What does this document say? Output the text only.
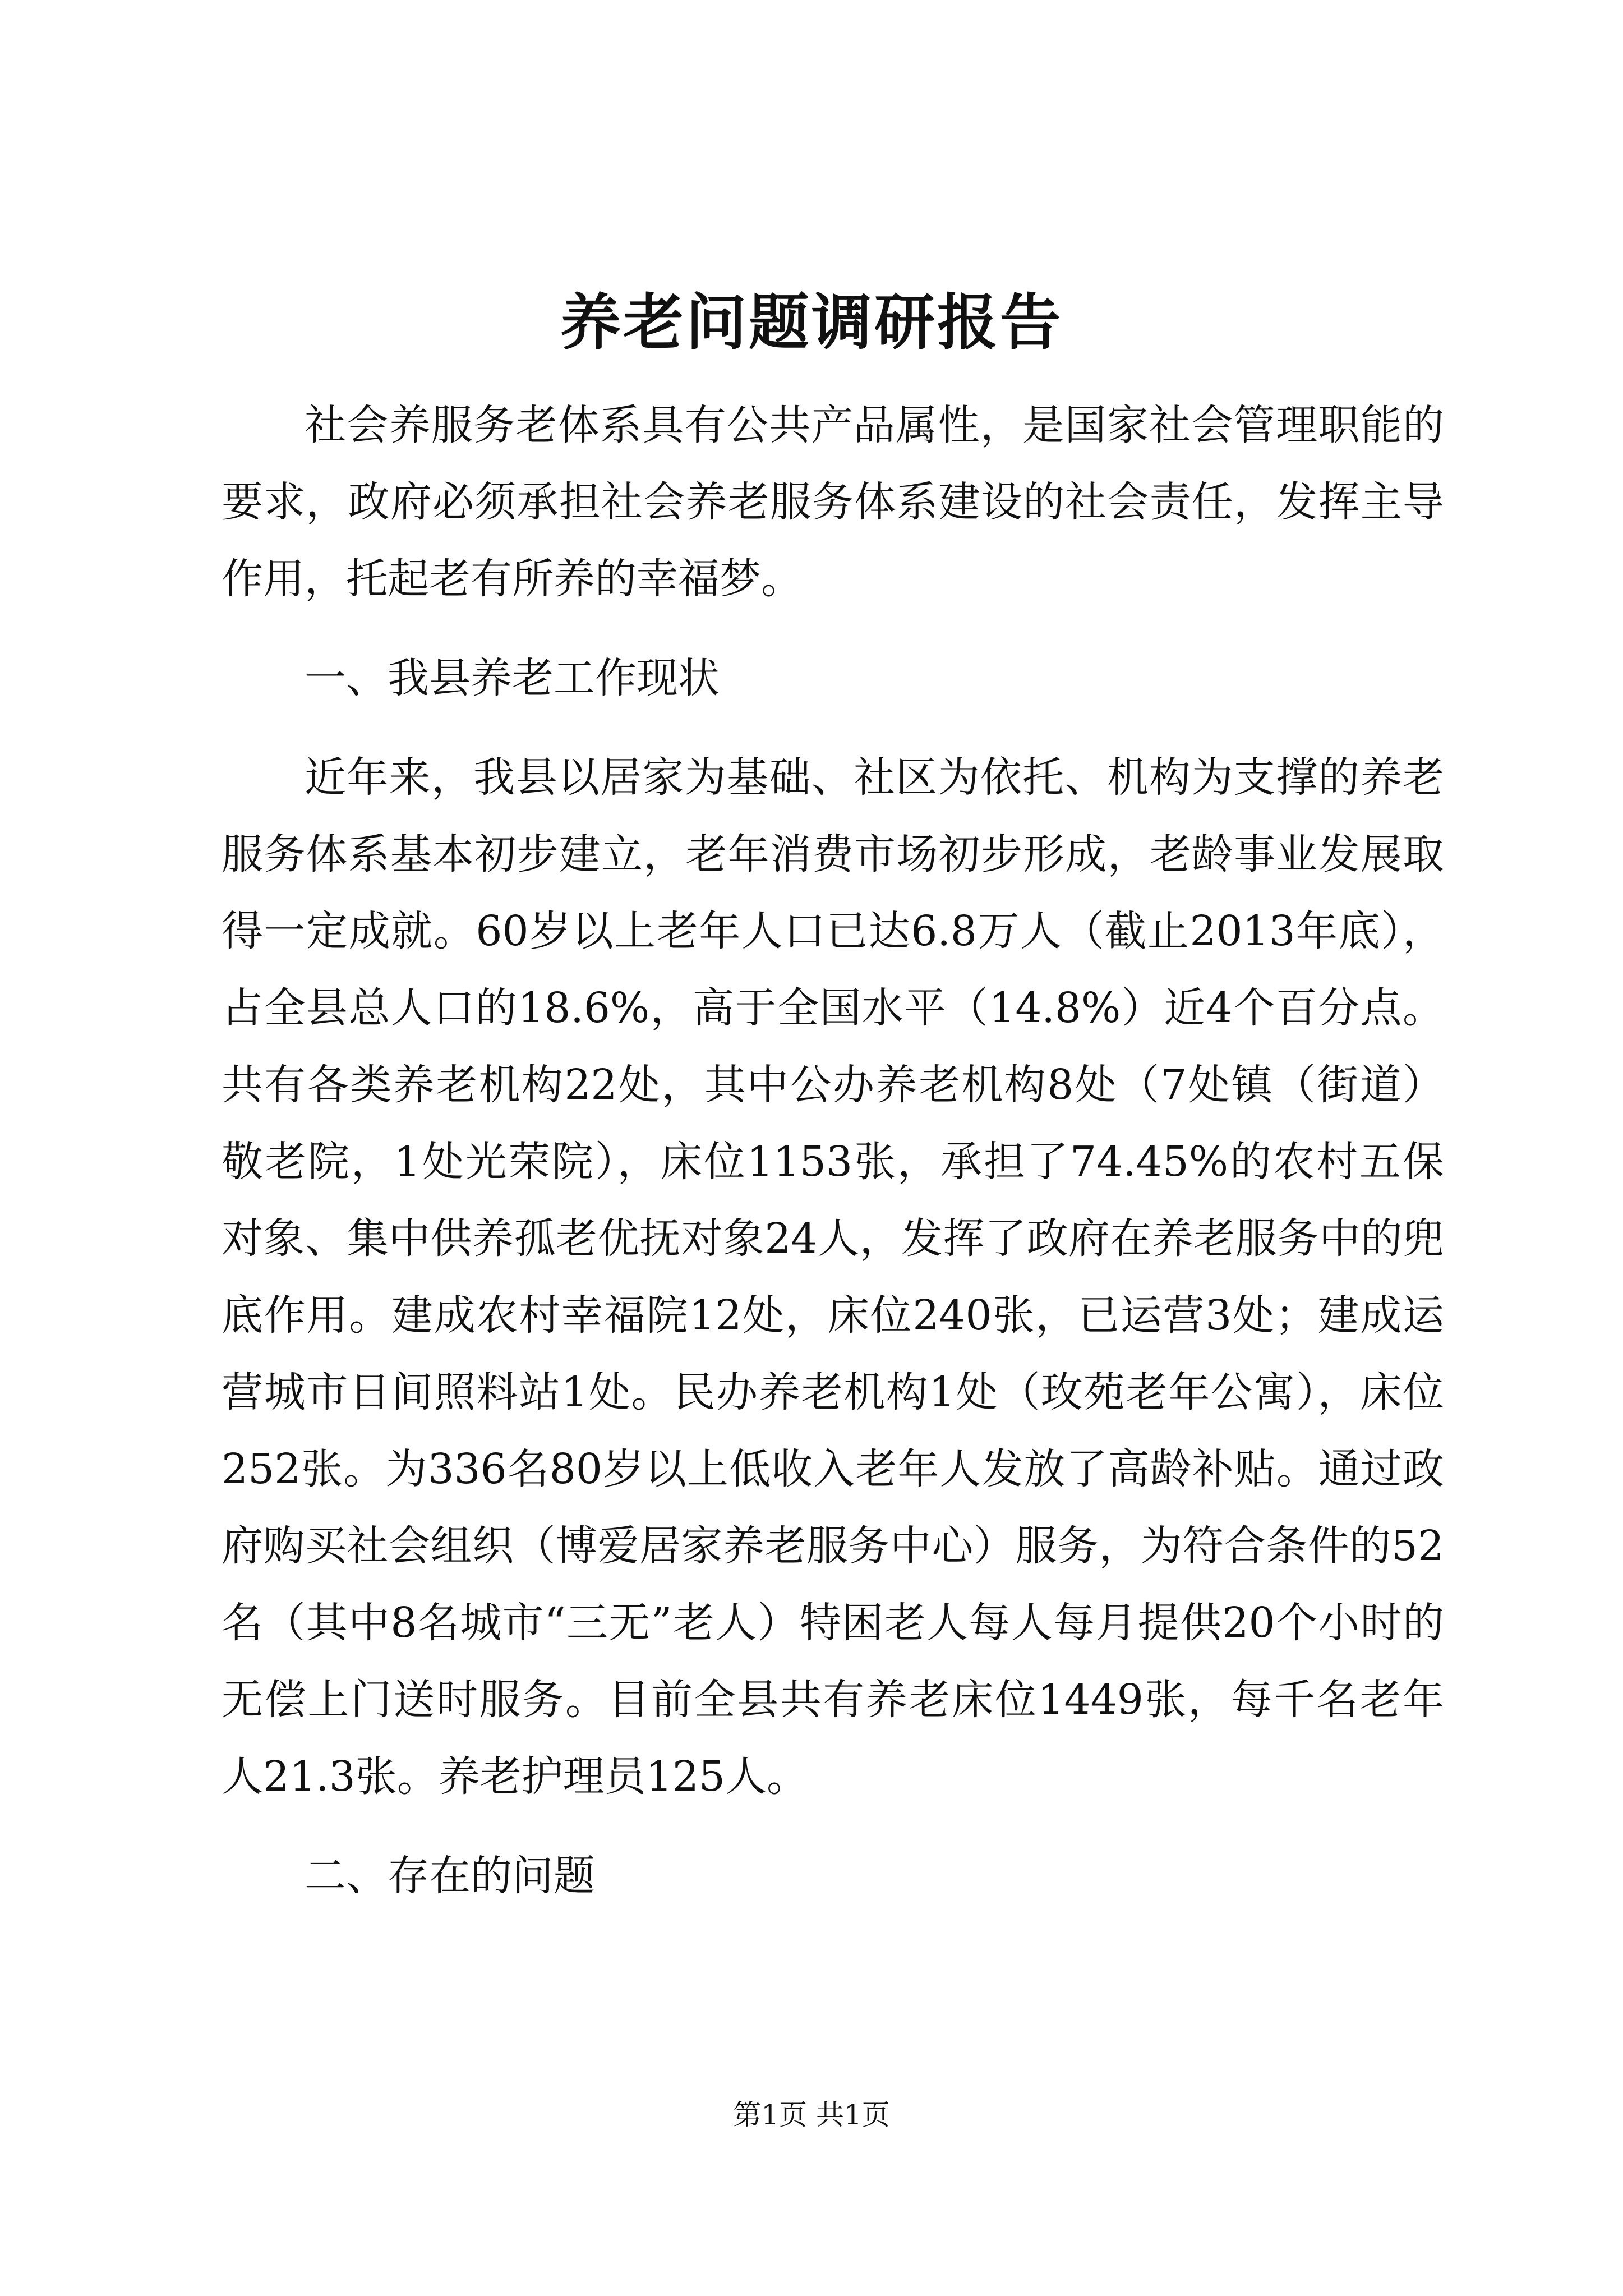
养老问题调研报告

社会养服务老体系具有公共产品属性，是国家社会管理职能的要求，政府必须承担社会养老服务体系建设的社会责任，发挥主导作用，托起老有所养的幸福梦。

一、我县养老工作现状

近年来，我县以居家为基础、社区为依托、机构为支撑的养老服务体系基本初步建立，老年消费市场初步形成，老龄事业发展取得一定成就。60岁以上老年人口已达6.8万人（截止2013年底），占全县总人口的18.6%，高于全国水平（14.8%）近4个百分点。共有各类养老机构22处，其中公办养老机构8处（7处镇（街道）敬老院，1处光荣院），床位1153张，承担了74.45%的农村五保对象、集中供养孤老优抚对象24人，发挥了政府在养老服务中的兜底作用。建成农村幸福院12处，床位240张，已运营3处；建成运营城市日间照料站1处。民办养老机构1处（玫苑老年公寓），床位252张。为336名80岁以上低收入老年人发放了高龄补贴。通过政府购买社会组织（博爱居家养老服务中心）服务，为符合条件的52名（其中8名城市“三无”老人）特困老人每人每月提供20个小时的无偿上门送时服务。目前全县共有养老床位1449张，每千名老年人21.3张。养老护理员125人。

二、存在的问题

第1页 共1页
